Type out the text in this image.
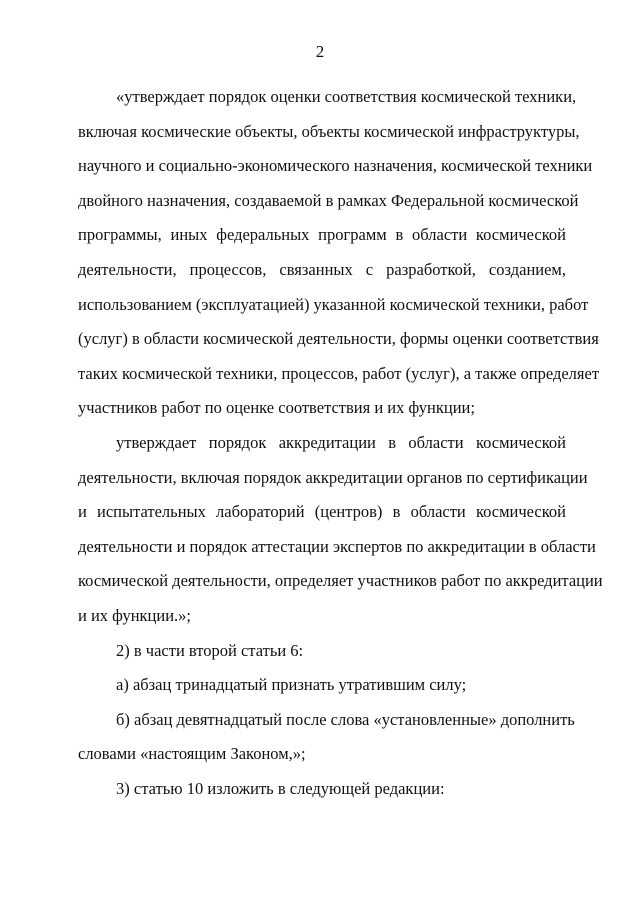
2
«утверждает порядок оценки соответствия космической техники,
включая космические объекты, объекты космической инфраструктуры,
научного и социально-экономического назначения, космической техники
двойного назначения, создаваемой в рамках Федеральной космической
программы, иных федеральных программ в области космической
деятельности, процессов, связанных с разработкой, созданием,
использованием (эксплуатацией) указанной космической техники, работ
(услуг) в области космической деятельности, формы оценки соответствия
таких космической техники, процессов, работ (услуг), а также определяет
участников работ по оценке соответствия и их функции;
утверждает порядок аккредитации в области космической
деятельности, включая порядок аккредитации органов по сертификации
и испытательных лабораторий (центров) в области космической
деятельности и порядок аттестации экспертов по аккредитации в области
космической деятельности, определяет участников работ по аккредитации
и их функции.»;
2) в части второй статьи 6:
а) абзац тринадцатый признать утратившим силу;
б) абзац девятнадцатый после слова «установленные» дополнить
словами «настоящим Законом,»;
3) статью 10 изложить в следующей редакции:
